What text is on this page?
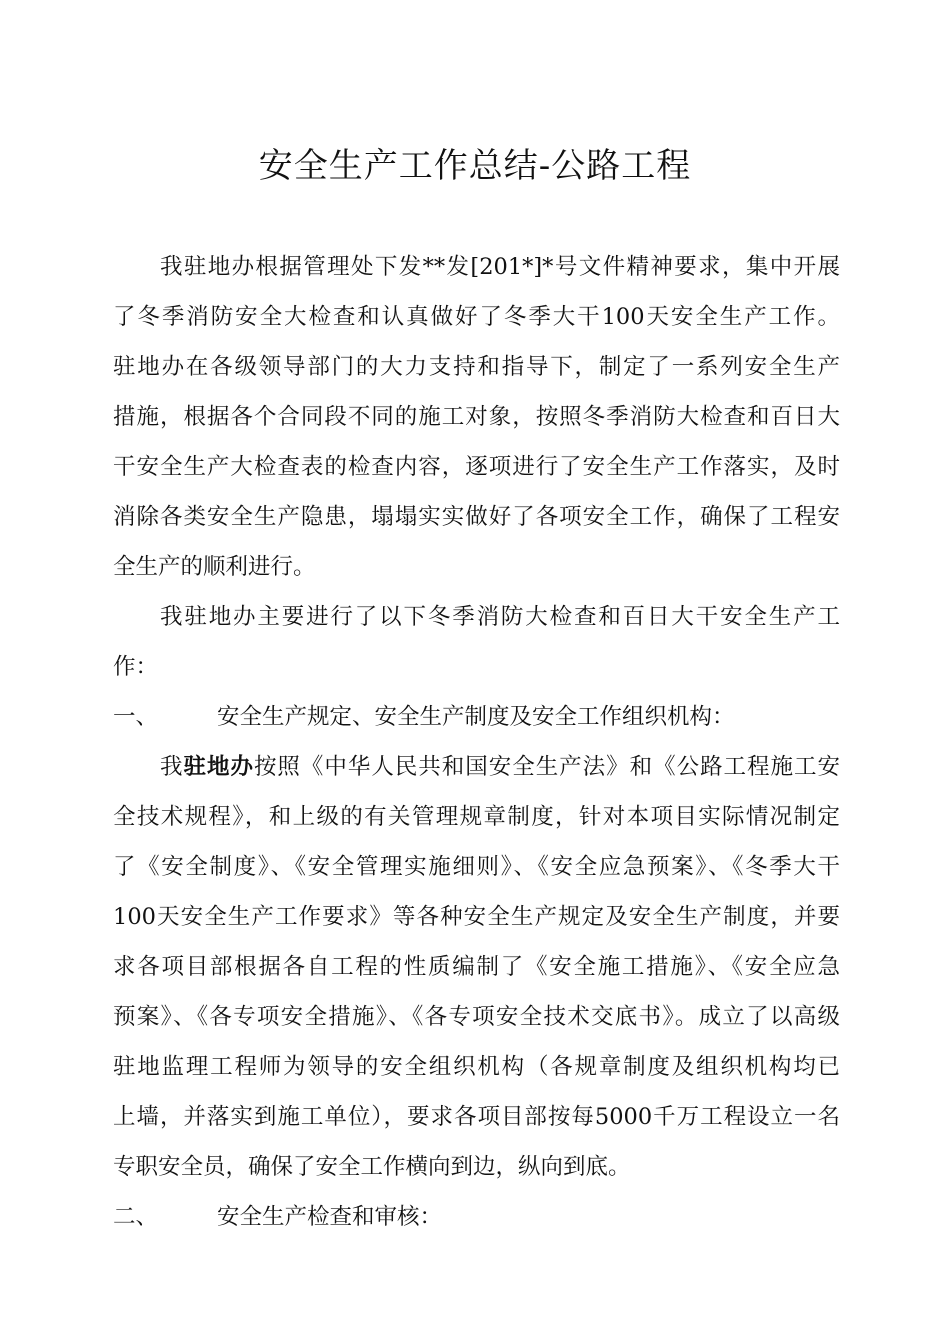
安全生产工作总结-公路工程
我驻地办根据管理处下发**发[201*]*号文件精神要求，集中开展
了冬季消防安全大检查和认真做好了冬季大干100天安全生产工作。
驻地办在各级领导部门的大力支持和指导下，制定了一系列安全生产
措施，根据各个合同段不同的施工对象，按照冬季消防大检查和百日大
干安全生产大检查表的检查内容，逐项进行了安全生产工作落实，及时
消除各类安全生产隐患，塌塌实实做好了各项安全工作，确保了工程安
全生产的顺利进行。
我驻地办主要进行了以下冬季消防大检查和百日大干安全生产工
作：
一、	安全生产规定、安全生产制度及安全工作组织机构：
我驻地办按照《中华人民共和国安全生产法》和《公路工程施工安
全技术规程》，和上级的有关管理规章制度，针对本项目实际情况制定
了《安全制度》、《安全管理实施细则》、《安全应急预案》、《冬季大干
100天安全生产工作要求》等各种安全生产规定及安全生产制度，并要
求各项目部根据各自工程的性质编制了《安全施工措施》、《安全应急
预案》、《各专项安全措施》、《各专项安全技术交底书》。成立了以高级
驻地监理工程师为领导的安全组织机构（各规章制度及组织机构均已
上墙，并落实到施工单位），要求各项目部按每5000千万工程设立一名
专职安全员，确保了安全工作横向到边，纵向到底。
二、	安全生产检查和审核：
